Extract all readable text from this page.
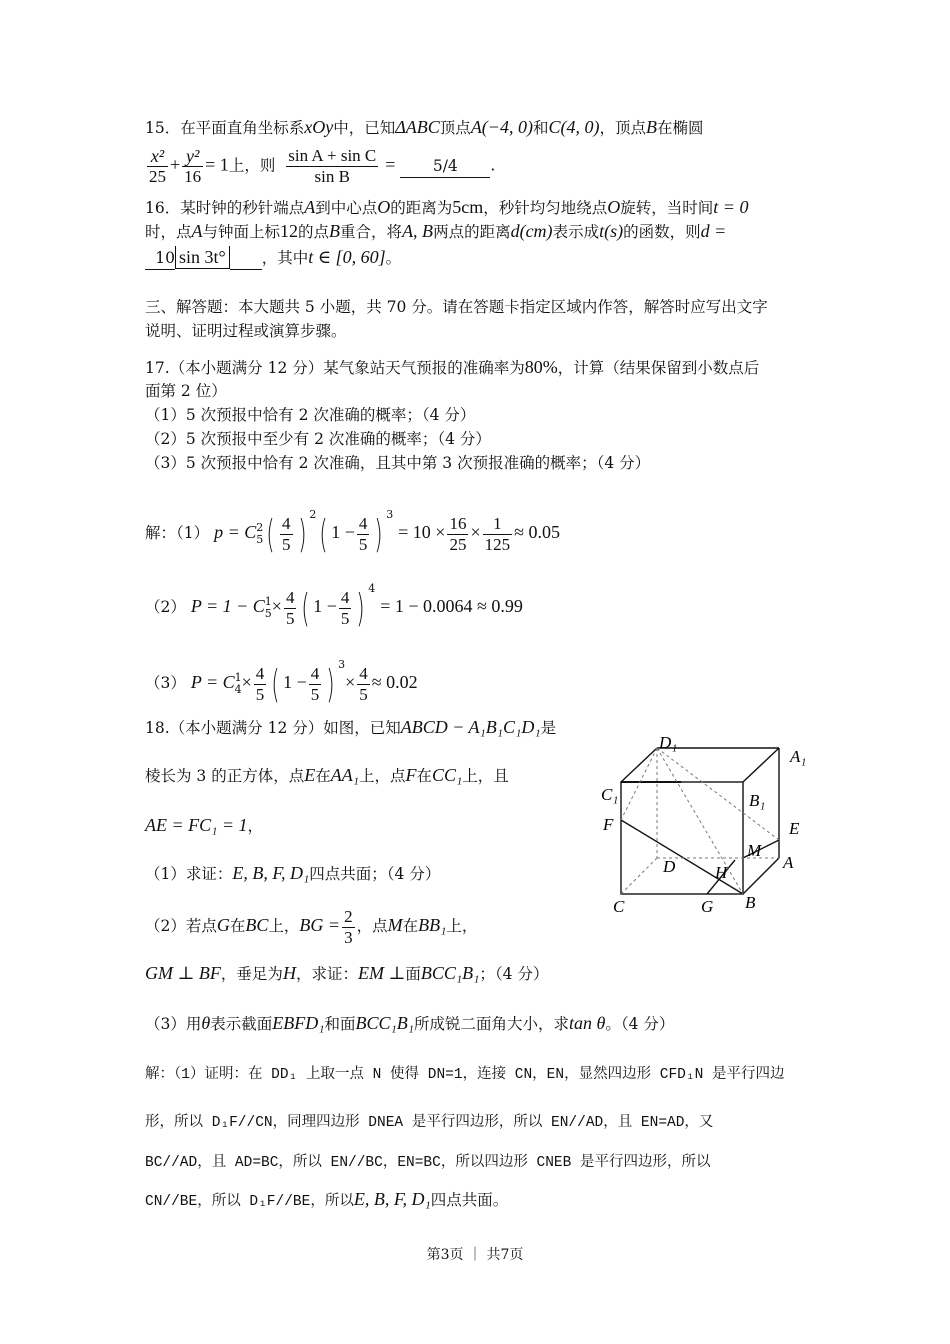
15．在平面直角坐标系xOy中，已知ΔABC顶点A(−4, 0)和C(4, 0)，顶点B在椭圆
$\frac{\text{x²}}{25} + \frac{\text{y²}}{16} = 1$上，则 $\frac{\text{sin A + sin C}}{\text{sin B}} = 5/4$ .
16．某时钟的秒针端点A到中心点O的距离为5cm，秒针均匀地绕点O旋转，当时间t = 0
时，点A与钟面上标12的点B重合，将A, B两点的距离d(cm)表示成t(s)的函数，则d =
10 sin 3t° ，其中t ∈ [0, 60]。
三、解答题：本大题共 5 小题，共 70 分。请在答题卡指定区域内作答，解答时应写出文字
说明、证明过程或演算步骤。
17.（本小题满分 12 分）某气象站天气预报的准确率为80%，计算（结果保留到小数点后
面第 2 位）
（1）5 次预报中恰有 2 次准确的概率；（4 分）
（2）5 次预报中至少有 2 次准确的概率；（4 分）
（3）5 次预报中恰有 2 次准确，且其中第 3 次预报准确的概率；（4 分）
解：（1） p = C 2
5 ( $\frac{4}{5}$ ) $^2$( $1 - \frac{4}{5}$ ) $^3 = 10 \times \frac{16}{25} \times \frac{1}{125} \approx 0.05$
（2） P = 1 − C 1
$5 \times \frac{4}{5}$ ( $1 - \frac{4}{5}$ ) $^4$ = 1 − 0.0064 ≈ 0.99
（3） P = C 1
$4 \times \frac{4}{5}$ ( $1 - \frac{4}{5}$ ) $^3\times \frac{4}{5} \approx 0.02$
18.（本小题满分 12 分）如图，已知ABCD − A₁B₁C₁D₁是
棱长为 3 的正方体，点E在AA₁上，点F在CC₁上，且
AE = FC₁ = 1，
（1）求证：E, B, F, D₁四点共面；（4 分）
（2）若点G在BC上，BG = $\frac{2}{3}$ ，点M在BB₁上，
GM ⊥ BF，垂足为H，求证：EM ⊥面BCC₁B₁；（4 分）
（3）用θ表示截面EBFD₁和面BCC₁B₁所成锐二面角大小，求tan θ。（4 分）
解：（1）证明：在 DD₁ 上取一点 N 使得 DN=1，连接 CN，EN，显然四边形 CFD₁N 是平行四边
形，所以 D₁F//CN，同理四边形 DNEA 是平行四边形，所以 EN//AD，且 EN=AD，又
BC//AD，且 AD=BC，所以 EN//BC，EN=BC，所以四边形 CNEB 是平行四边形，所以
CN//BE，所以 D₁F//BE，所以E, B, F, D₁四点共面。
D₁
A₁
C₁	B₁
F	E
M
A
D H
C	G B
第3页 ｜ 共7页
